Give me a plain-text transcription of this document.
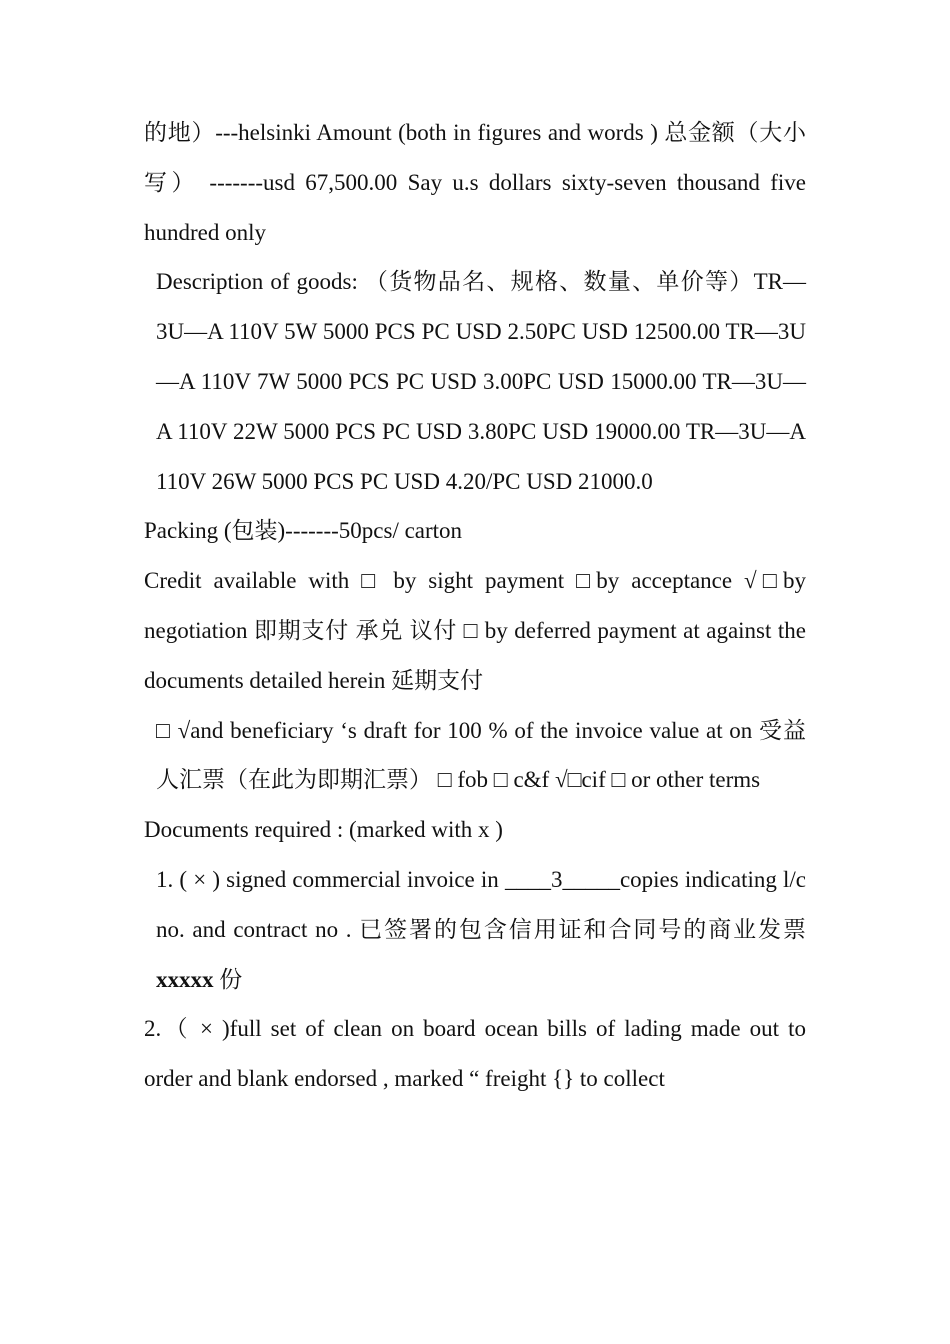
的地）---helsinki Amount (both in figures and words ) 总金额（大小写） -------usd 67,500.00 Say u.s dollars sixty-seven thousand five hundred only

Description of goods: （货物品名、规格、数量、单价等）TR—3U—A 110V 5W 5000 PCS PC USD 2.50PC USD 12500.00 TR—3U—A 110V 7W 5000 PCS PC USD 3.00PC USD 15000.00 TR—3U—A 110V 22W 5000 PCS PC USD 3.80PC USD 19000.00 TR—3U—A 110V 26W 5000 PCS PC USD 4.20/PC USD 21000.0

Packing (包装)-------50pcs/ carton

Credit available with □ by sight payment □by acceptance √□by negotiation 即期支付 承兑 议付 □ by deferred payment at against the documents detailed herein 延期支付

□ √and beneficiary ‘s draft for 100 % of the invoice value at on 受益人汇票（在此为即期汇票） □ fob □ c&f √□cif □ or other terms

Documents required : (marked with x )

1. ( × ) signed commercial invoice in ____3_____copies indicating l/c no. and contract no . 已签署的包含信用证和合同号的商业发票 xxxxx 份

2.（ × )full set of clean on board ocean bills of lading made out to order and blank endorsed , marked “ freight {} to collect
